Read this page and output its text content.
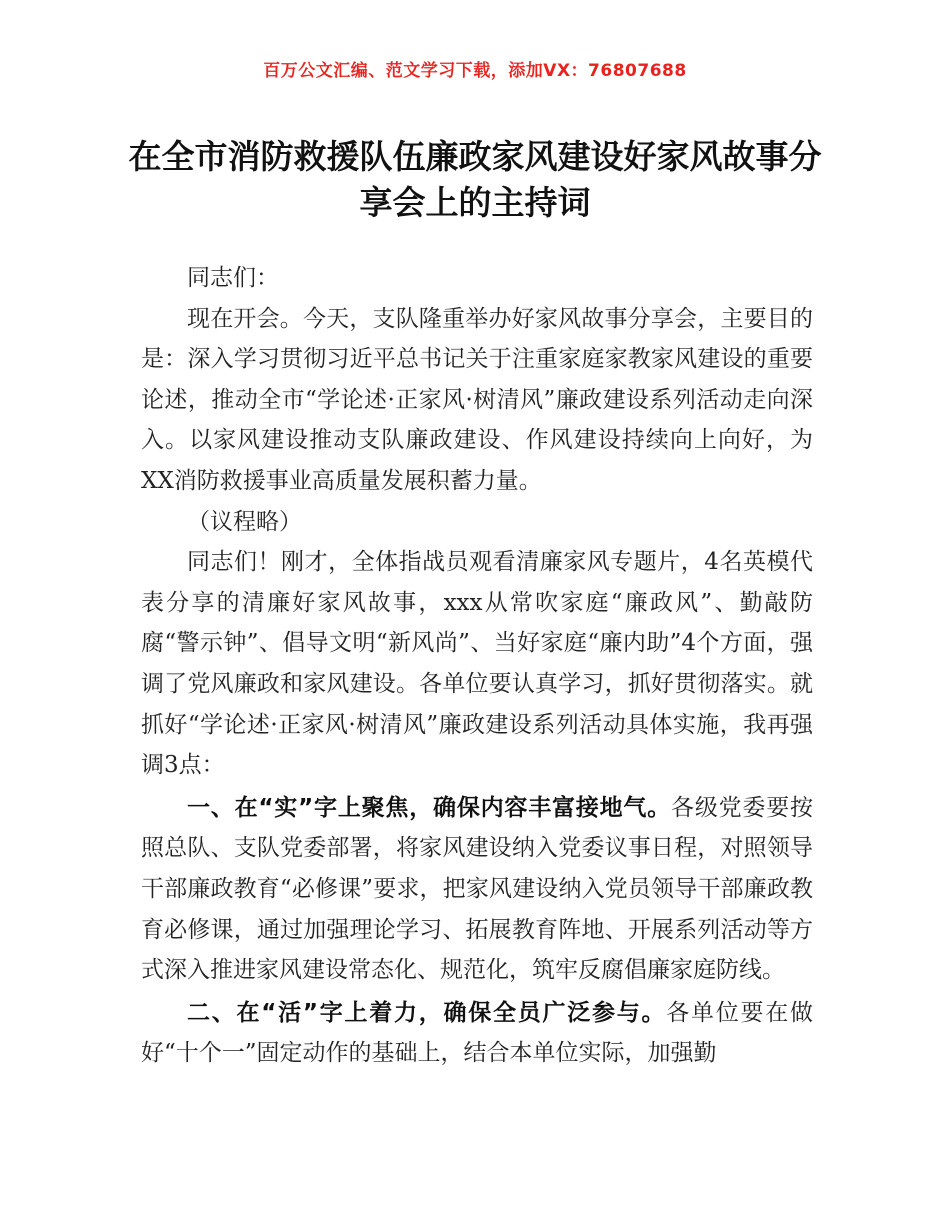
百万公文汇编、范文学习下载，添加VX：76807688
在全市消防救援队伍廉政家风建设好家风故事分享会上的主持词

同志们：

现在开会。今天，支队隆重举办好家风故事分享会，主要目的是：深入学习贯彻习近平总书记关于注重家庭家教家风建设的重要论述，推动全市“学论述·正家风·树清风”廉政建设系列活动走向深入。以家风建设推动支队廉政建设、作风建设持续向上向好，为XX消防救援事业高质量发展积蓄力量。

（议程略）

同志们！刚才，全体指战员观看清廉家风专题片，4名英模代表分享的清廉好家风故事，xxx从常吹家庭“廉政风”、勤敲防腐“警示钟”、倡导文明“新风尚”、当好家庭“廉内助”4个方面，强调了党风廉政和家风建设。各单位要认真学习，抓好贯彻落实。就抓好“学论述·正家风·树清风”廉政建设系列活动具体实施，我再强调3点：

一、在“实”字上聚焦，确保内容丰富接地气。各级党委要按照总队、支队党委部署，将家风建设纳入党委议事日程，对照领导干部廉政教育“必修课”要求，把家风建设纳入党员领导干部廉政教育必修课，通过加强理论学习、拓展教育阵地、开展系列活动等方式深入推进家风建设常态化、规范化，筑牢反腐倡廉家庭防线。

二、在“活”字上着力，确保全员广泛参与。各单位要在做好“十个一”固定动作的基础上，结合本单位实际，加强勤
